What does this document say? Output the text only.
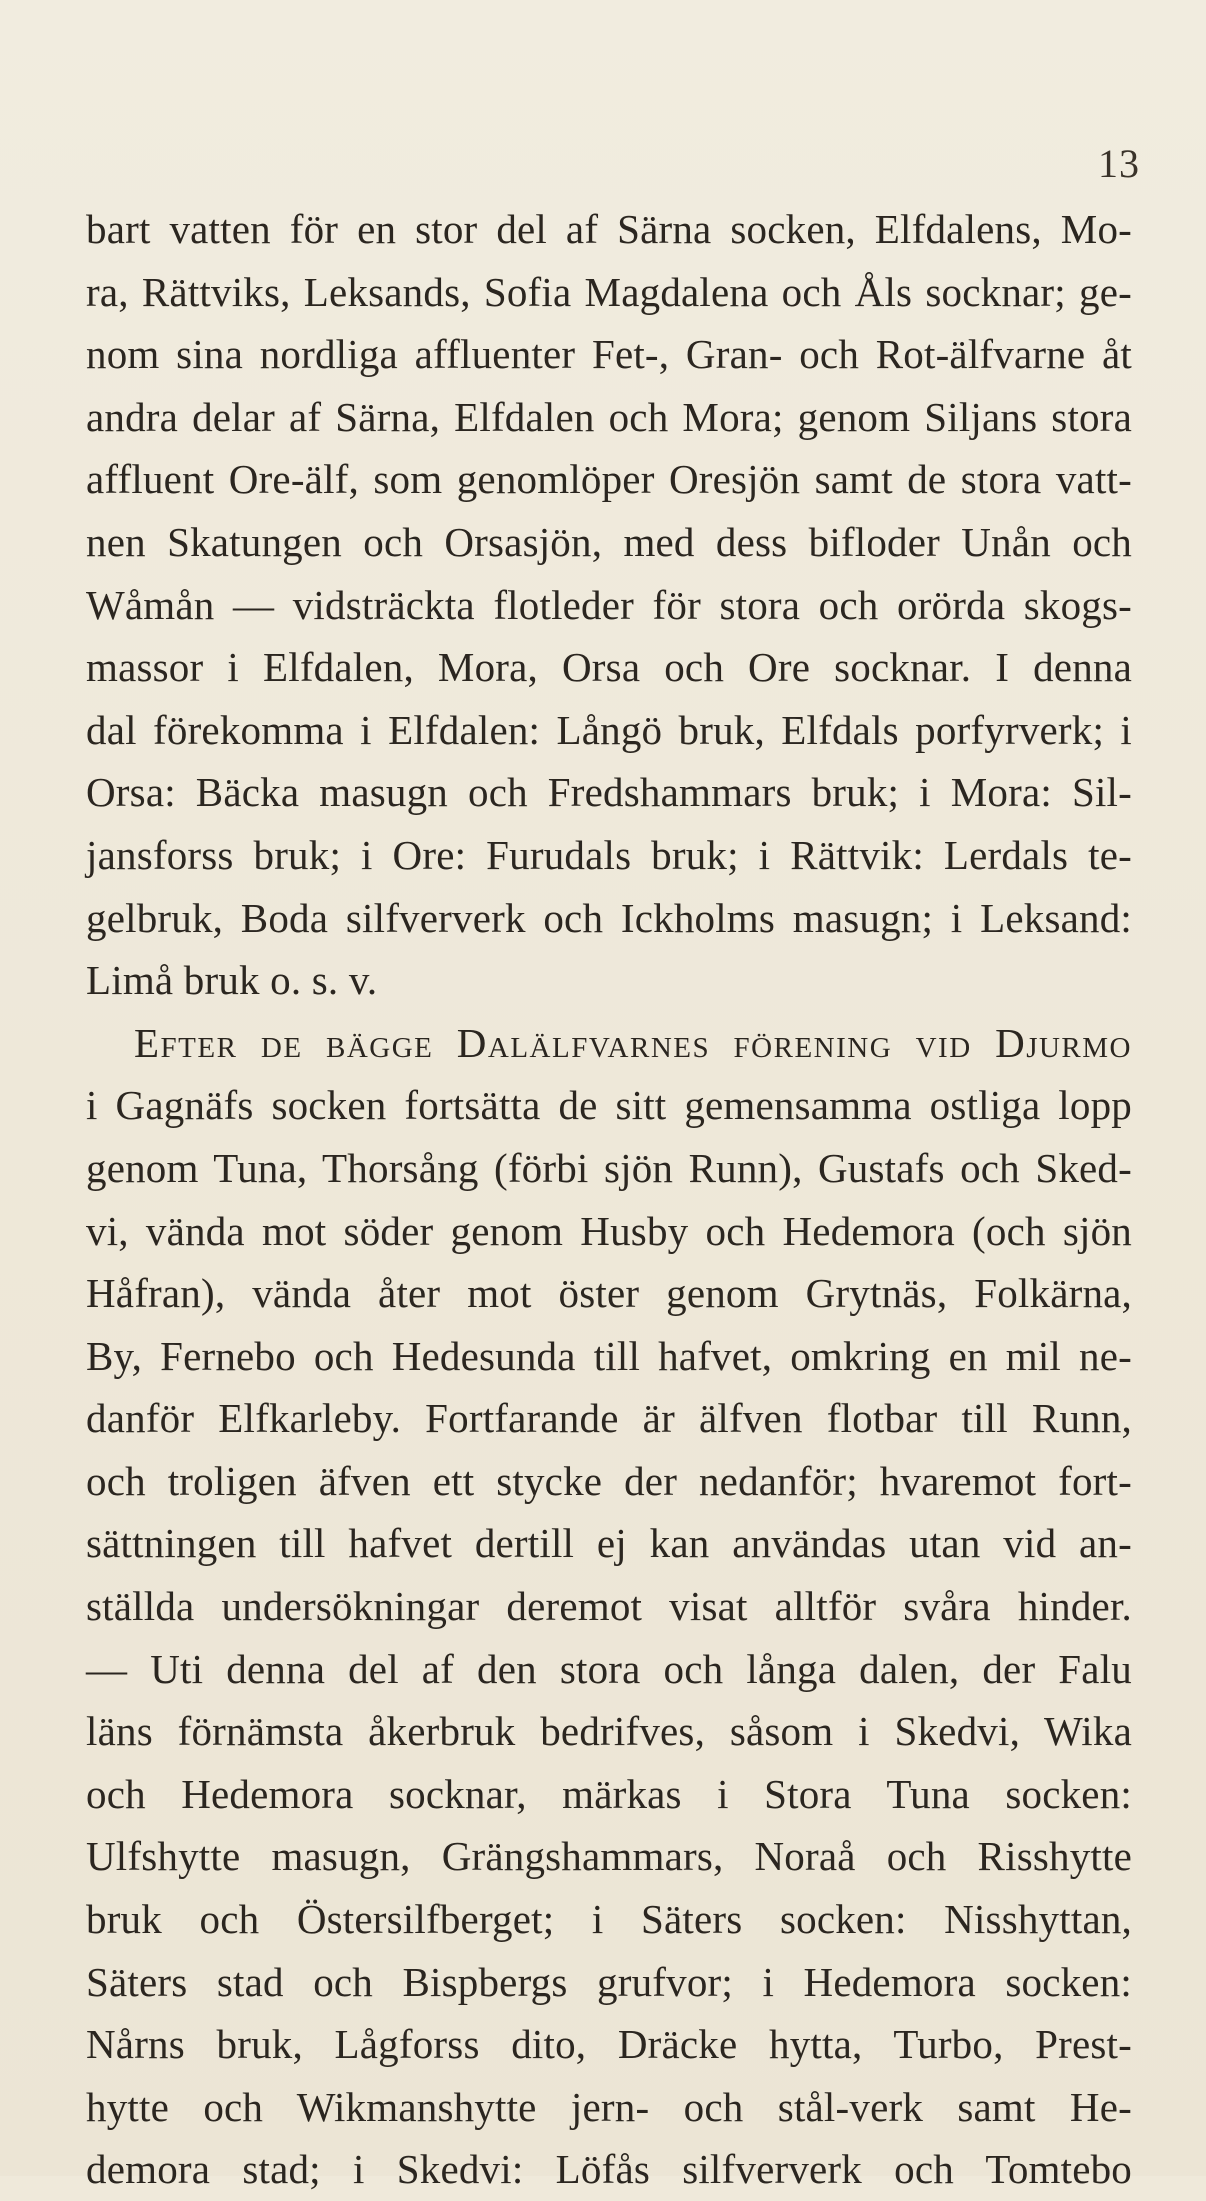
13
bart vatten för en stor del af Särna socken, Elfdalens, Mo-
ra, Rättviks, Leksands, Sofia Magdalena och Åls socknar; ge-
nom sina nordliga affluenter Fet-, Gran- och Rot-älfvarne åt
andra delar af Särna, Elfdalen och Mora; genom Siljans stora
affluent Ore-älf, som genomlöper Oresjön samt de stora vatt-
nen Skatungen och Orsasjön, med dess bifloder Unån och
Wåmån — vidsträckta flotleder för stora och orörda skogs-
massor i Elfdalen, Mora, Orsa och Ore socknar. I denna
dal förekomma i Elfdalen: Långö bruk, Elfdals porfyrverk; i
Orsa: Bäcka masugn och Fredshammars bruk; i Mora: Sil-
jansforss bruk; i Ore: Furudals bruk; i Rättvik: Lerdals te-
gelbruk, Boda silfververk och Ickholms masugn; i Leksand:
Limå bruk o. s. v.
Efter de bägge Dalälfvarnes förening vid Djurmo
i Gagnäfs socken fortsätta de sitt gemensamma ostliga lopp
genom Tuna, Thorsång (förbi sjön Runn), Gustafs och Sked-
vi, vända mot söder genom Husby och Hedemora (och sjön
Håfran), vända åter mot öster genom Grytnäs, Folkärna,
By, Fernebo och Hedesunda till hafvet, omkring en mil ne-
danför Elfkarleby. Fortfarande är älfven flotbar till Runn,
och troligen äfven ett stycke der nedanför; hvaremot fort-
sättningen till hafvet dertill ej kan användas utan vid an-
ställda undersökningar deremot visat alltför svåra hinder.
— Uti denna del af den stora och långa dalen, der Falu
läns förnämsta åkerbruk bedrifves, såsom i Skedvi, Wika
och Hedemora socknar, märkas i Stora Tuna socken:
Ulfshytte masugn, Grängshammars, Noraå och Risshytte
bruk och Östersilfberget; i Säters socken: Nisshyttan,
Säters stad och Bispbergs grufvor; i Hedemora socken:
Nårns bruk, Lågforss dito, Dräcke hytta, Turbo, Prest-
hytte och Wikmanshytte jern- och stål-verk samt He-
demora stad; i Skedvi: Löfås silfververk och Tomtebo
